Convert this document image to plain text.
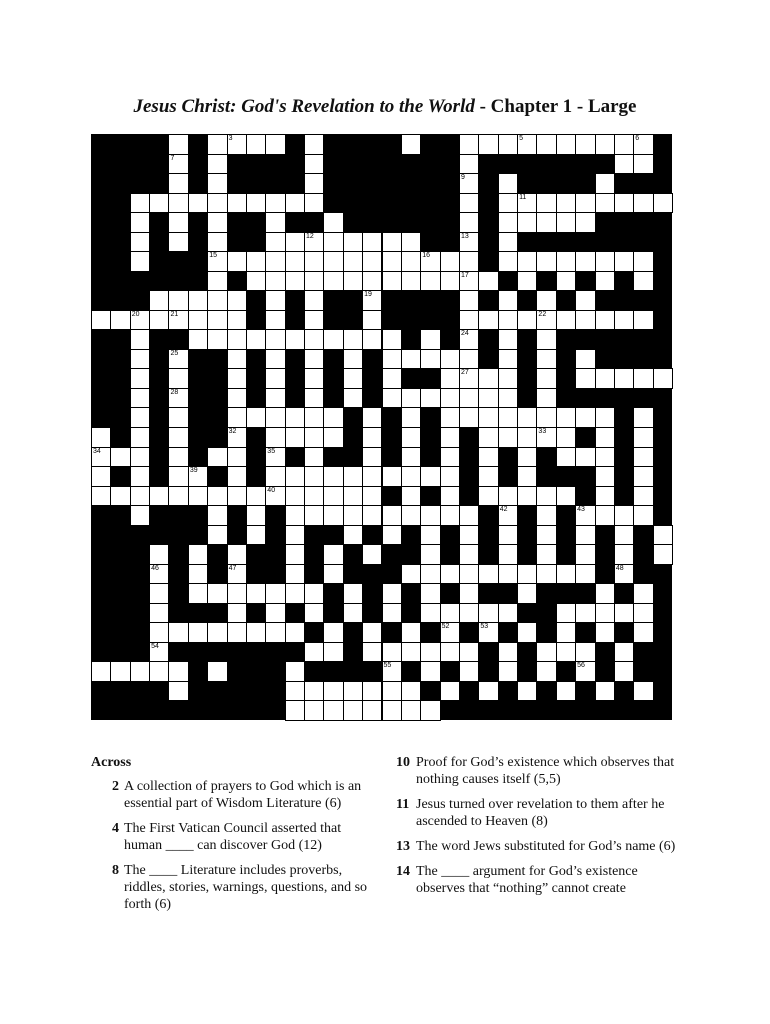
Jesus Christ: God's Revelation to the World - Chapter 1 - Large
3	5	6
7
9
11
12	13
15	16
17
19
20	21	22
24
25
27
28
32	33
34	35
39
40
42	43
46	47	48
52	53
54
55	56
Across
2 A collection of prayers to God which is an essential part of Wisdom Literature (6)
4 The First Vatican Council asserted that human ____ can discover God (12)
8 The ____ Literature includes proverbs, riddles, stories, warnings, questions, and so forth (6)
10 Proof for God’s existence which observes that nothing causes itself (5,5)
11 Jesus turned over revelation to them after he ascended to Heaven (8)
13 The word Jews substituted for God’s name (6)
14 The ____ argument for God’s existence observes that “nothing” cannot create
